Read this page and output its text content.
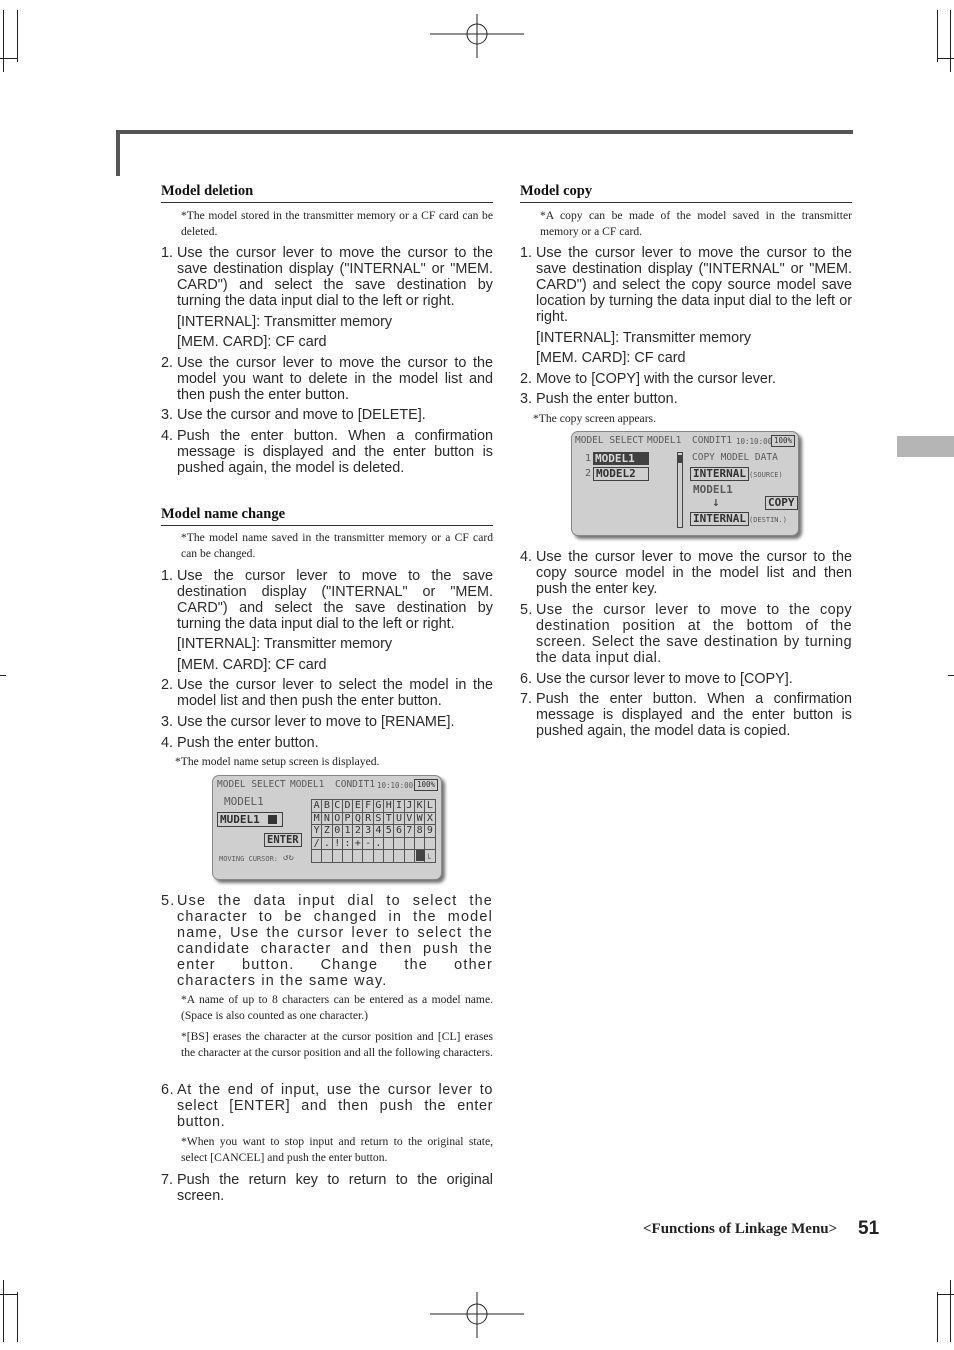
Model deletion
*The model stored in the transmitter memory or a CF card can be deleted.
1. Use the cursor lever to move the cursor to the save destination display ("INTERNAL" or "MEM. CARD") and select the save destination by turning the data input dial to the left or right.
[INTERNAL]: Transmitter memory
[MEM. CARD]: CF card
2. Use the cursor lever to move the cursor to the model you want to delete in the model list and then push the enter button.
3. Use the cursor and move to [DELETE].
4. Push the enter button. When a confirmation message is displayed and the enter button is pushed again, the model is deleted.
Model name change
*The model name saved in the transmitter memory or a CF card can be changed.
1. Use the cursor lever to move to the save destination display ("INTERNAL" or "MEM. CARD") and select the save destination by turning the data input dial to the left or right.
[INTERNAL]: Transmitter memory
[MEM. CARD]: CF card
2. Use the cursor lever to select the model in the model list and then push the enter button.
3. Use the cursor lever to move to [RENAME].
4. Push the enter button.
*The model name setup screen is displayed.
MODEL SELECT MODEL1 CONDIT1 10:10:00 100%
MODEL1
MUDEL1
ENTER
MOVING CURSOR: ↺↻
A	B	C	D	E	F	G	H	I	J	K	L
M	N	O	P	Q	R	S	T	U	V	W	X
Y	Z	0	1	2	3	4	5	6	7	8	9
/	.	!	:	+	-	.					

└
5. Use the data input dial to select the character to be changed in the model name, Use the cursor lever to select the candidate character and then push the enter button. Change the other characters in the same way.
*A name of up to 8 characters can be entered as a model name. (Space is also counted as one character.)
*[BS] erases the character at the cursor position and [CL] erases the character at the cursor position and all the following characters.
6. At the end of input, use the cursor lever to select [ENTER] and then push the enter button.
*When you want to stop input and return to the original state, select [CANCEL] and push the enter button.
7. Push the return key to return to the original screen.
Model copy
*A copy can be made of the model saved in the transmitter memory or a CF card.
1. Use the cursor lever to move the cursor to the save destination display ("INTERNAL" or "MEM. CARD") and select the copy source model save location by turning the data input dial to the left or right.
[INTERNAL]: Transmitter memory
[MEM. CARD]: CF card
2. Move to [COPY] with the cursor lever.
3. Push the enter button.
*The copy screen appears.
MODEL SELECT MODEL1 CONDIT1 10:10:00 100%
1 MODEL1
2 MODEL2
COPY MODEL DATA
INTERNAL (SOURCE)
MODEL1
↓	COPY
INTERNAL (DESTIN.)
4. Use the cursor lever to move the cursor to the copy source model in the model list and then push the enter key.
5. Use the cursor lever to move to the copy destination position at the bottom of the screen. Select the save destination by turning the data input dial.
6. Use the cursor lever to move to [COPY].
7. Push the enter button. When a confirmation message is displayed and the enter button is pushed again, the model data is copied.
<Functions of Linkage Menu> 51
